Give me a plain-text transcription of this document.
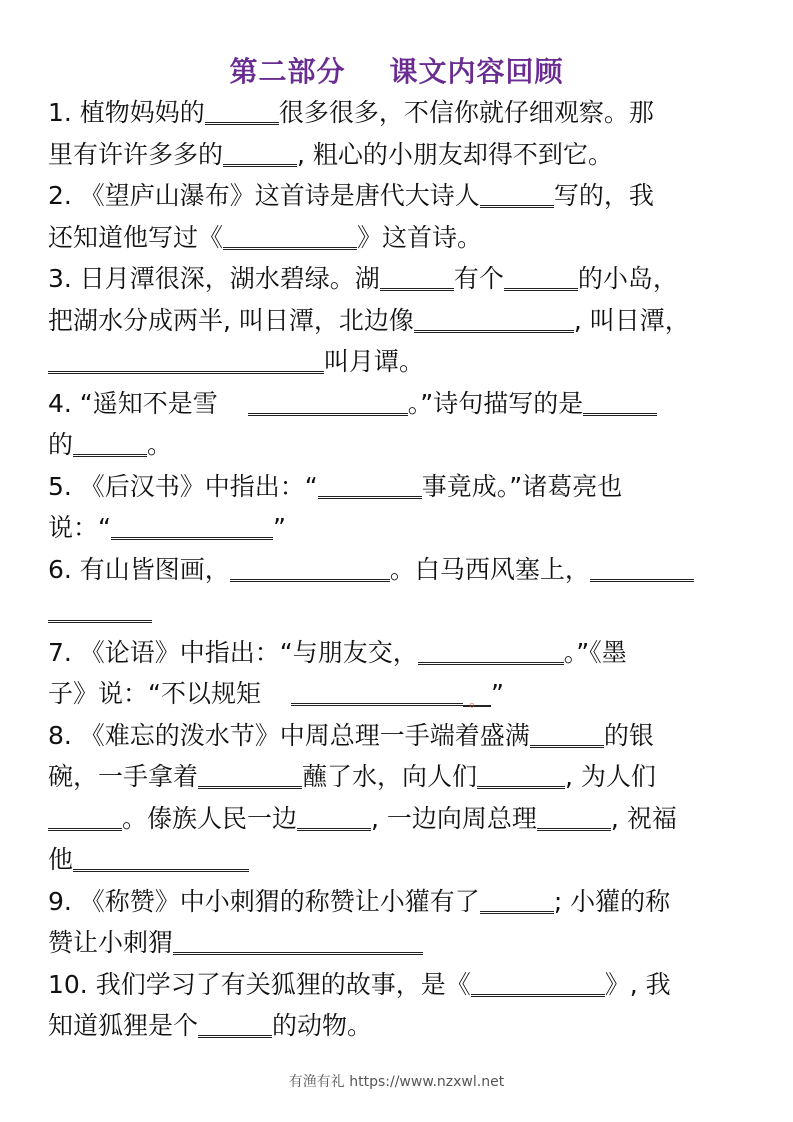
第二部分 课文内容回顾
1. 植物妈妈的	很多很多，不信你就仔细观察。那
里有许许多多的	, 粗心的小朋友却得不到它。
2. 《望庐山瀑布》这首诗是唐代大诗人	写的，我
还知道他写过《	》这首诗。
3. 日月潭很深，湖水碧绿。湖	有个	的小岛，
把湖水分成两半, 叫日潭，北边像	, 叫日潭，
叫月谭。
4. “遥知不是雪	。”诗句描写的是
的	。
5. 《后汉书》中指出：“	事竟成。”诸葛亮也
说：“	”
6. 有山皆图画，	。白马西风塞上，
7. 《论语》中指出：“与朋友交，	。”《墨
子》说：“不以规矩	。 ”
8. 《难忘的泼水节》中周总理一手端着盛满	的银
碗，一手拿着	蘸了水，向人们	, 为人们
。傣族人民一边	, 一边向周总理	, 祝福
他
9. 《称赞》中小刺猬的称赞让小獾有了	; 小獾的称
赞让小刺猬
10. 我们学习了有关狐狸的故事，是《	》, 我
知道狐狸是个	的动物。
有渔有礼 https://www.nzxwl.net
